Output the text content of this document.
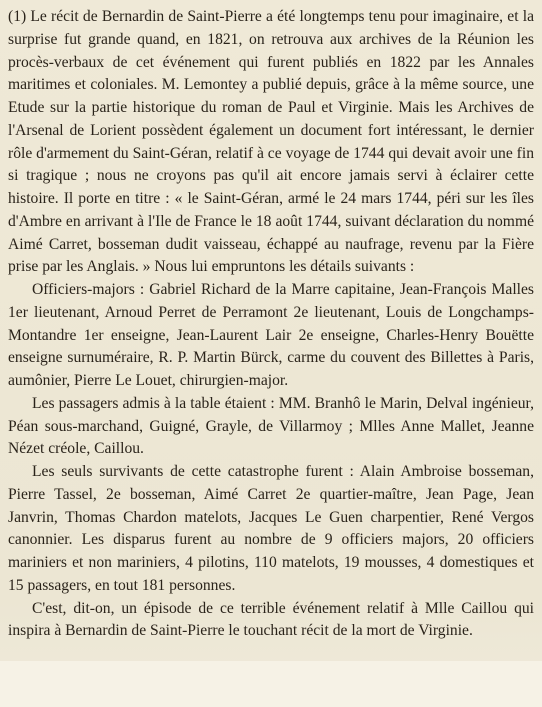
(1) Le récit de Bernardin de Saint-Pierre a été longtemps tenu pour imaginaire, et la surprise fut grande quand, en 1821, on retrouva aux archives de la Réunion les procès-verbaux de cet événement qui furent publiés en 1822 par les Annales maritimes et coloniales. M. Lemontey a publié depuis, grâce à la même source, une Etude sur la partie historique du roman de Paul et Virginie. Mais les Archives de l'Arsenal de Lorient possèdent également un document fort intéressant, le dernier rôle d'armement du Saint-Géran, relatif à ce voyage de 1744 qui devait avoir une fin si tragique ; nous ne croyons pas qu'il ait encore jamais servi à éclairer cette histoire. Il porte en titre : « le Saint-Géran, armé le 24 mars 1744, péri sur les îles d'Ambre en arrivant à l'Ile de France le 18 août 1744, suivant déclaration du nommé Aimé Carret, bosseman dudit vaisseau, échappé au naufrage, revenu par la Fière prise par les Anglais. » Nous lui empruntons les détails suivants :

Officiers-majors : Gabriel Richard de la Marre capitaine, Jean-François Malles 1er lieutenant, Arnoud Perret de Perramont 2e lieutenant, Louis de Longchamps-Montandre 1er enseigne, Jean-Laurent Lair 2e enseigne, Charles-Henry Bouëtte enseigne surnuméraire, R. P. Martin Bürck, carme du couvent des Billettes à Paris, aumônier, Pierre Le Louet, chirurgien-major.

Les passagers admis à la table étaient : MM. Branhô le Marin, Delval ingénieur, Péan sous-marchand, Guigné, Grayle, de Villarmoy ; Mlles Anne Mallet, Jeanne Nézet créole, Caillou.

Les seuls survivants de cette catastrophe furent : Alain Ambroise bosseman, Pierre Tassel, 2e bosseman, Aimé Carret 2e quartier-maître, Jean Page, Jean Janvrin, Thomas Chardon matelots, Jacques Le Guen charpentier, René Vergos canonnier. Les disparus furent au nombre de 9 officiers majors, 20 officiers mariniers et non mariniers, 4 pilotins, 110 matelots, 19 mousses, 4 domestiques et 15 passagers, en tout 181 personnes.

C'est, dit-on, un épisode de ce terrible événement relatif à Mlle Caillou qui inspira à Bernardin de Saint-Pierre le touchant récit de la mort de Virginie.
